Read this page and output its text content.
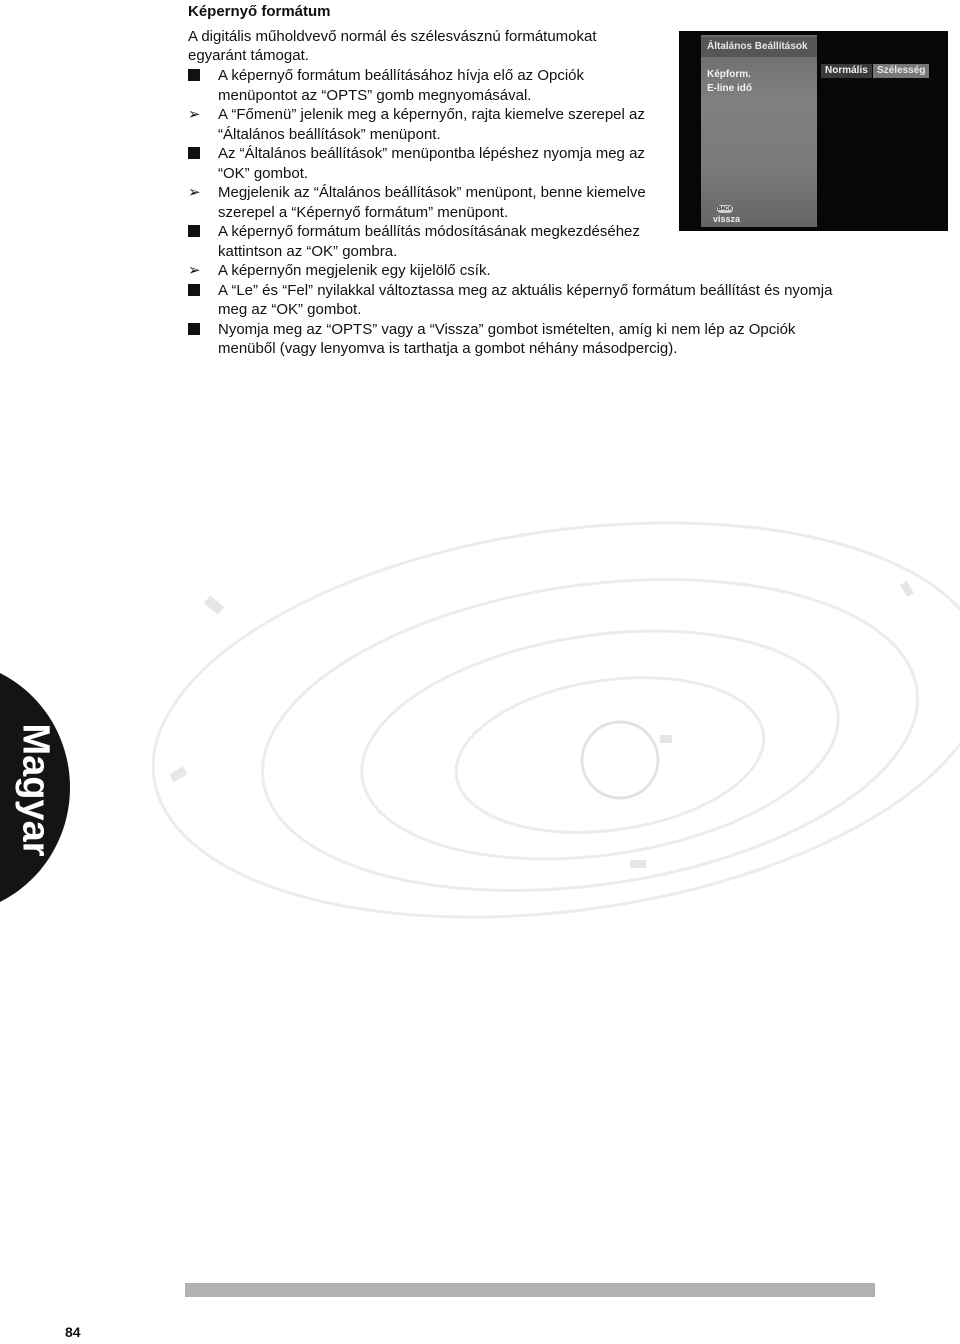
Képernyő formátum
A digitális műholdvevő normál és szélesvásznú formátumokat
egyaránt támogat.
A képernyő formátum beállításához hívja elő az Opciók
menüpontot az “OPTS” gomb megnyomásával.
➢ A “Főmenü” jelenik meg a képernyőn, rajta kiemelve szerepel az
“Általános beállítások” menüpont.
Az “Általános beállítások” menüpontba lépéshez nyomja meg az
“OK” gombot.
➢ Megjelenik az “Általános beállítások” menüpont, benne kiemelve
szerepel a “Képernyő formátum” menüpont.
A képernyő formátum beállítás módosításának megkezdéséhez
kattintson az “OK” gombra.
➢ A képernyőn megjelenik egy kijelölő csík.
A “Le” és “Fel” nyilakkal változtassa meg az aktuális képernyő formátum beállítást és nyomja
meg az “OK” gombot.
Nyomja meg az “OPTS” vagy a “Vissza” gombot ismételten, amíg ki nem lép az Opciók
menüből (vagy lenyomva is tarthatja a gombot néhány másodpercig).
Általános Beállítások
Képform.
E-line idő
BACK
vissza
Normális Szélesség
Magyar
84
